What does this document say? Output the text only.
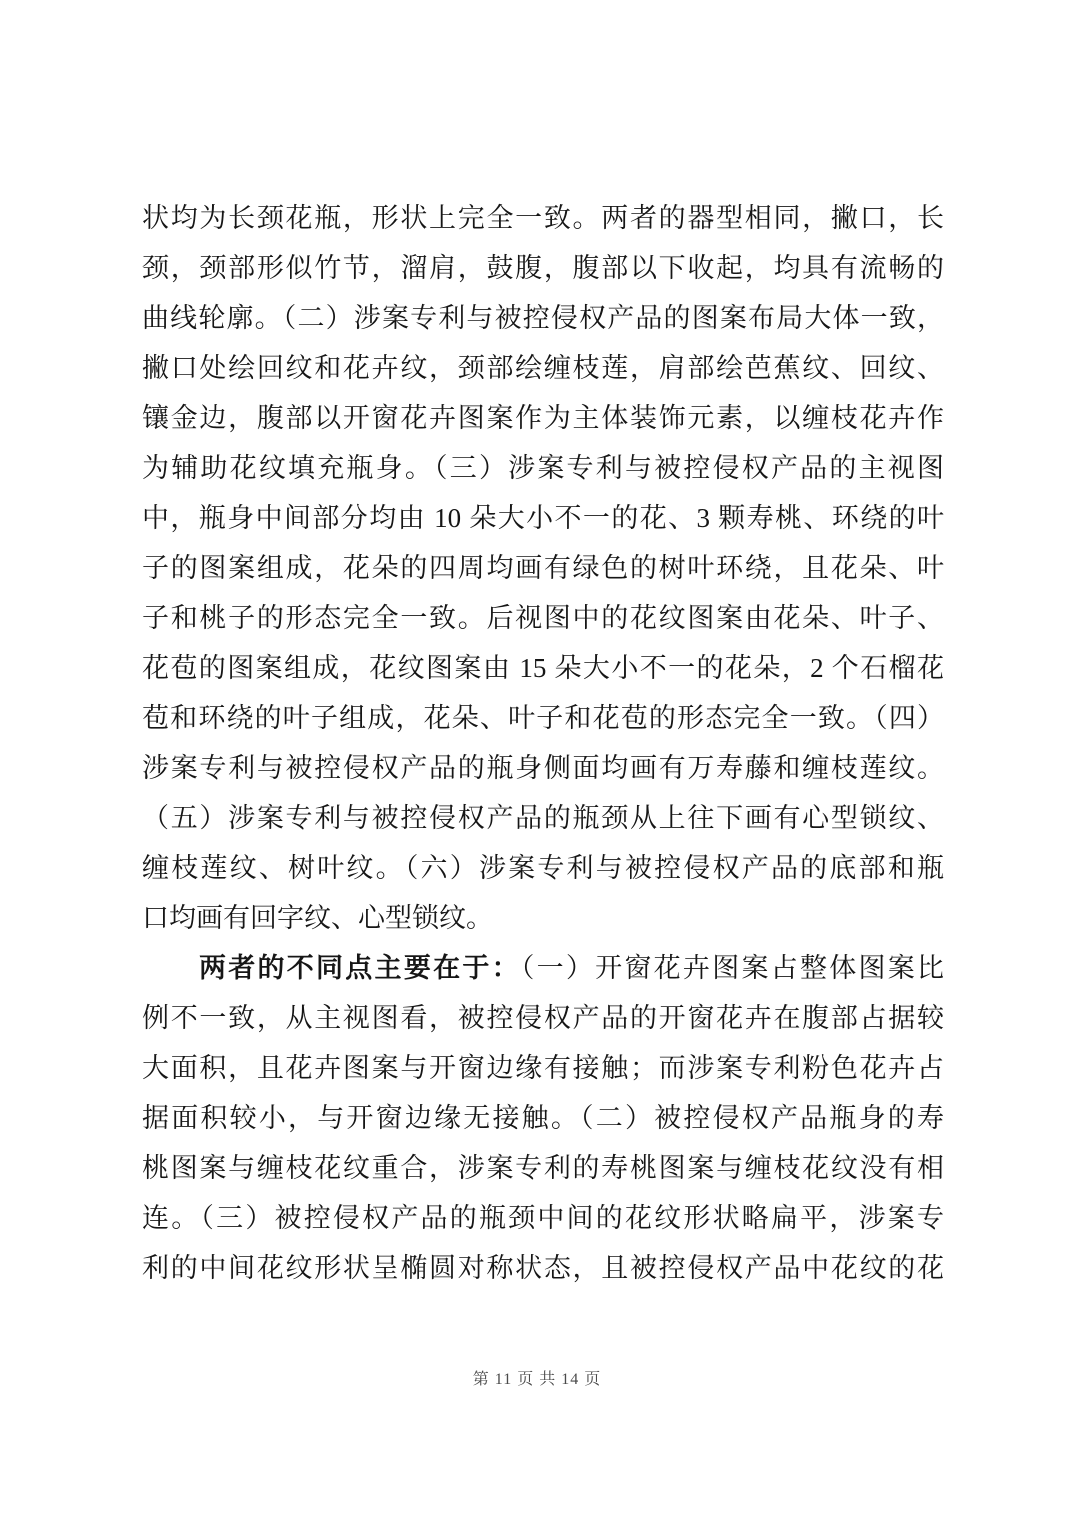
状均为长颈花瓶，形状上完全一致。两者的器型相同，撇口，长
颈，颈部形似竹节，溜肩，鼓腹，腹部以下收起，均具有流畅的
曲线轮廓。（二）涉案专利与被控侵权产品的图案布局大体一致，
撇口处绘回纹和花卉纹，颈部绘缠枝莲，肩部绘芭蕉纹、回纹、
镶金边，腹部以开窗花卉图案作为主体装饰元素，以缠枝花卉作
为辅助花纹填充瓶身。（三）涉案专利与被控侵权产品的主视图
中，瓶身中间部分均由 10 朵大小不一的花、3 颗寿桃、环绕的叶
子的图案组成，花朵的四周均画有绿色的树叶环绕，且花朵、叶
子和桃子的形态完全一致。后视图中的花纹图案由花朵、叶子、
花苞的图案组成，花纹图案由 15 朵大小不一的花朵，2 个石榴花
苞和环绕的叶子组成，花朵、叶子和花苞的形态完全一致。（四）
涉案专利与被控侵权产品的瓶身侧面均画有万寿藤和缠枝莲纹。
（五）涉案专利与被控侵权产品的瓶颈从上往下画有心型锁纹、
缠枝莲纹、树叶纹。（六）涉案专利与被控侵权产品的底部和瓶
口均画有回字纹、心型锁纹。
两者的不同点主要在于：（一）开窗花卉图案占整体图案比
例不一致，从主视图看，被控侵权产品的开窗花卉在腹部占据较
大面积，且花卉图案与开窗边缘有接触；而涉案专利粉色花卉占
据面积较小，与开窗边缘无接触。（二）被控侵权产品瓶身的寿
桃图案与缠枝花纹重合，涉案专利的寿桃图案与缠枝花纹没有相
连。（三）被控侵权产品的瓶颈中间的花纹形状略扁平，涉案专
利的中间花纹形状呈椭圆对称状态，且被控侵权产品中花纹的花
第 11 页 共 14 页
